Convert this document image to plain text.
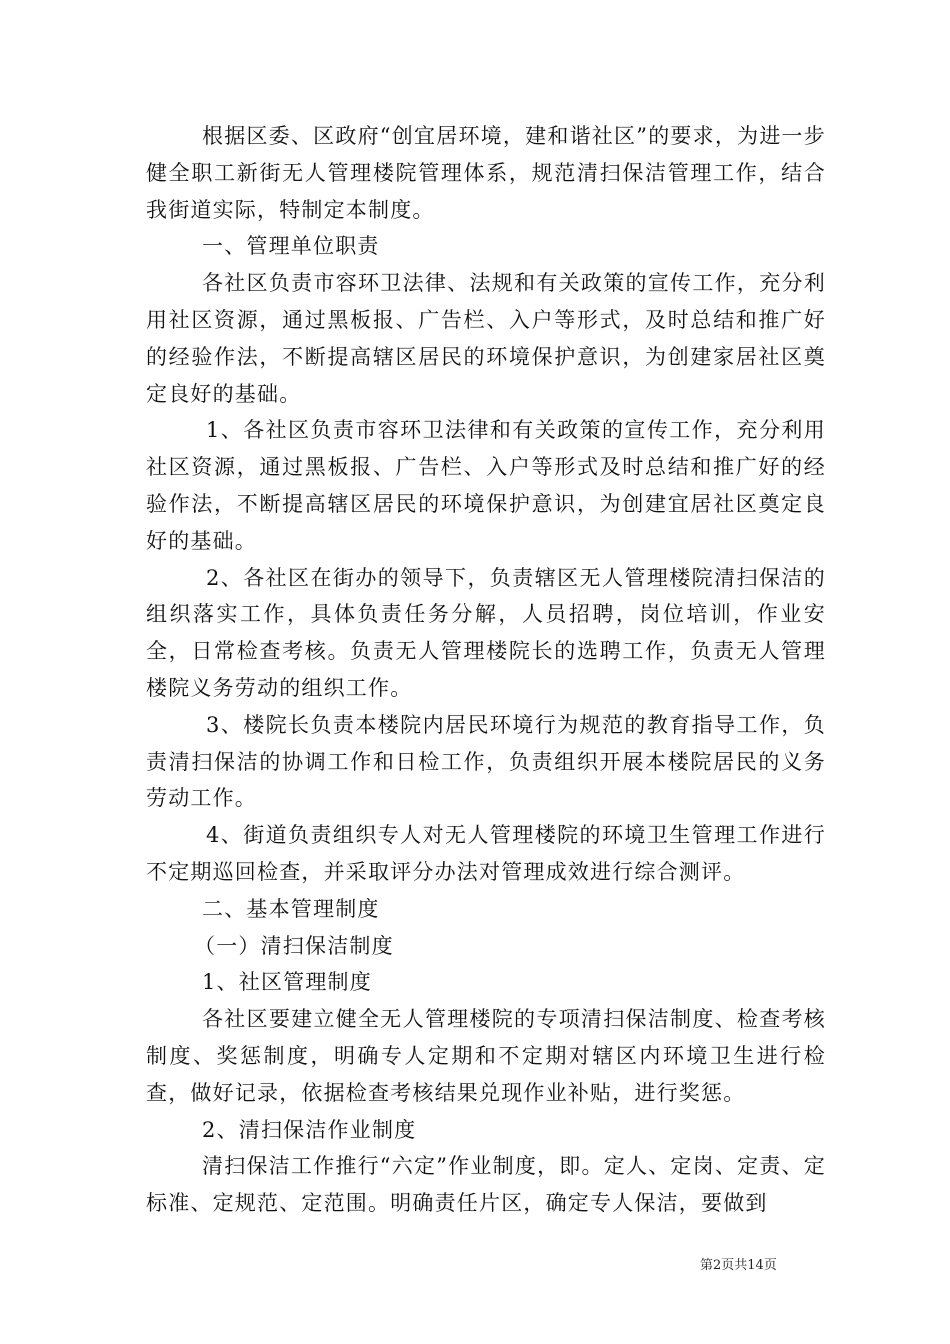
根据区委、区政府“创宜居环境，建和谐社区”的要求，为进一步健全职工新街无人管理楼院管理体系，规范清扫保洁管理工作，结合我街道实际，特制定本制度。

一、管理单位职责

各社区负责市容环卫法律、法规和有关政策的宣传工作，充分利用社区资源，通过黑板报、广告栏、入户等形式，及时总结和推广好的经验作法，不断提高辖区居民的环境保护意识，为创建家居社区奠定良好的基础。

1、各社区负责市容环卫法律和有关政策的宣传工作，充分利用社区资源，通过黑板报、广告栏、入户等形式及时总结和推广好的经验作法，不断提高辖区居民的环境保护意识，为创建宜居社区奠定良好的基础。

2、各社区在街办的领导下，负责辖区无人管理楼院清扫保洁的组织落实工作，具体负责任务分解，人员招聘，岗位培训，作业安全，日常检查考核。负责无人管理楼院长的选聘工作，负责无人管理楼院义务劳动的组织工作。

3、楼院长负责本楼院内居民环境行为规范的教育指导工作，负责清扫保洁的协调工作和日检工作，负责组织开展本楼院居民的义务劳动工作。

4、街道负责组织专人对无人管理楼院的环境卫生管理工作进行不定期巡回检查，并采取评分办法对管理成效进行综合测评。

二、基本管理制度

（一）清扫保洁制度

1、社区管理制度

各社区要建立健全无人管理楼院的专项清扫保洁制度、检查考核制度、奖惩制度，明确专人定期和不定期对辖区内环境卫生进行检查，做好记录，依据检查考核结果兑现作业补贴，进行奖惩。

2、清扫保洁作业制度

清扫保洁工作推行“六定”作业制度，即。定人、定岗、定责、定标准、定规范、定范围。明确责任片区，确定专人保洁，要做到

第2页共14页
